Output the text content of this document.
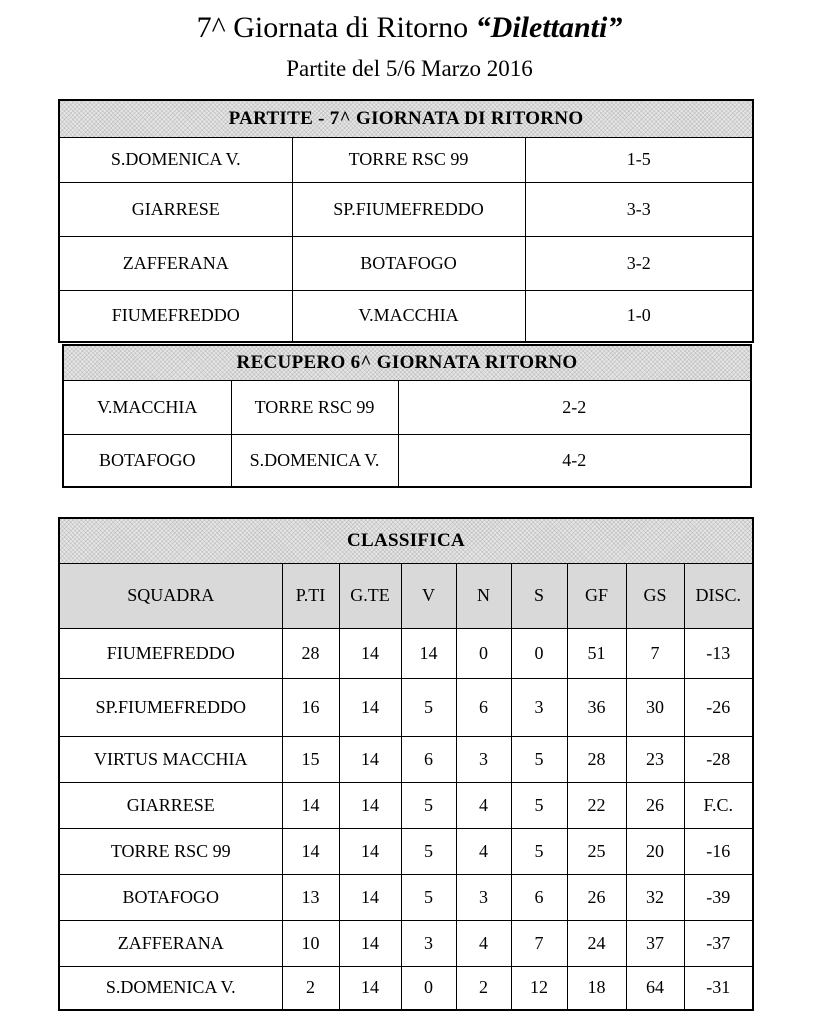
7^ Giornata di Ritorno “Dilettanti”
Partite del 5/6 Marzo 2016
PARTITE - 7^ GIORNATA DI RITORNO		
S.DOMENICA V.	TORRE RSC 99	1-5
GIARRESE	SP.FIUMEFREDDO	3-3
ZAFFERANA	BOTAFOGO	3-2
FIUMEFREDDO	V.MACCHIA	1-0
RECUPERO 6^ GIORNATA RITORNO		
V.MACCHIA	TORRE RSC 99	2-2
BOTAFOGO	S.DOMENICA V.	4-2
CLASSIFICA								
SQUADRA	P.TI	G.TE	V	N	S	GF	GS	DISC.
FIUMEFREDDO	28	14	14	0	0	51	7	-13
SP.FIUMEFREDDO	16	14	5	6	3	36	30	-26
VIRTUS MACCHIA	15	14	6	3	5	28	23	-28
GIARRESE	14	14	5	4	5	22	26	F.C.
TORRE RSC 99	14	14	5	4	5	25	20	-16
BOTAFOGO	13	14	5	3	6	26	32	-39
ZAFFERANA	10	14	3	4	7	24	37	-37
S.DOMENICA V.	2	14	0	2	12	18	64	-31
